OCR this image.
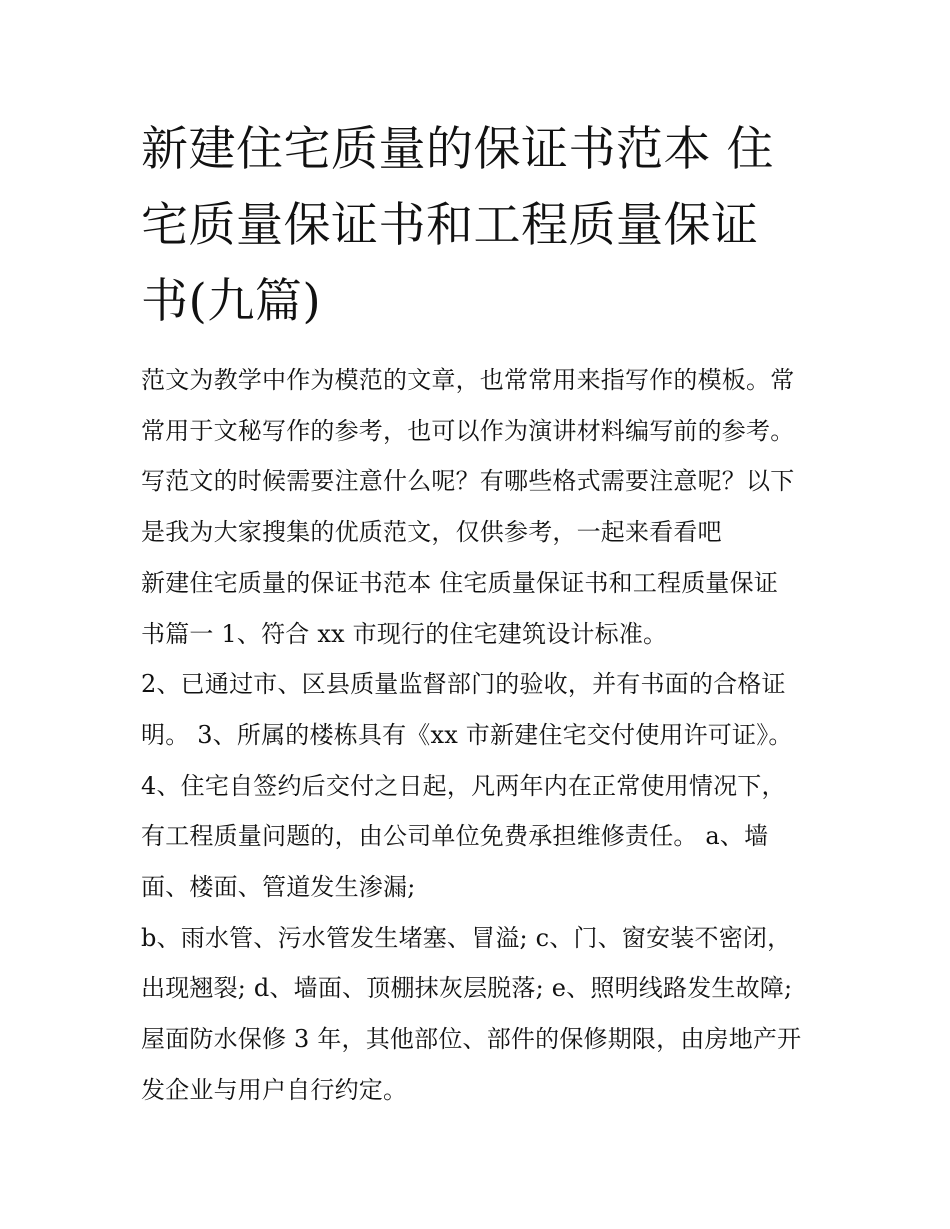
新建住宅质量的保证书范本 住
宅质量保证书和工程质量保证
书(九篇)
范文为教学中作为模范的文章，也常常用来指写作的模板。常
常用于文秘写作的参考，也可以作为演讲材料编写前的参考。
写范文的时候需要注意什么呢？有哪些格式需要注意呢？以下
是我为大家搜集的优质范文，仅供参考，一起来看看吧
新建住宅质量的保证书范本 住宅质量保证书和工程质量保证
书篇一 1、符合 xx 市现行的住宅建筑设计标准。
2、已通过市、区县质量监督部门的验收，并有书面的合格证
明。 3、所属的楼栋具有《xx 市新建住宅交付使用许可证》。
4、住宅自签约后交付之日起，凡两年内在正常使用情况下，
有工程质量问题的，由公司单位免费承担维修责任。 a、墙
面、楼面、管道发生渗漏;
b、雨水管、污水管发生堵塞、冒溢; c、门、窗安装不密闭，
出现翘裂; d、墙面、顶棚抹灰层脱落; e、照明线路发生故障;
屋面防水保修 3 年，其他部位、部件的保修期限，由房地产开
发企业与用户自行约定。
